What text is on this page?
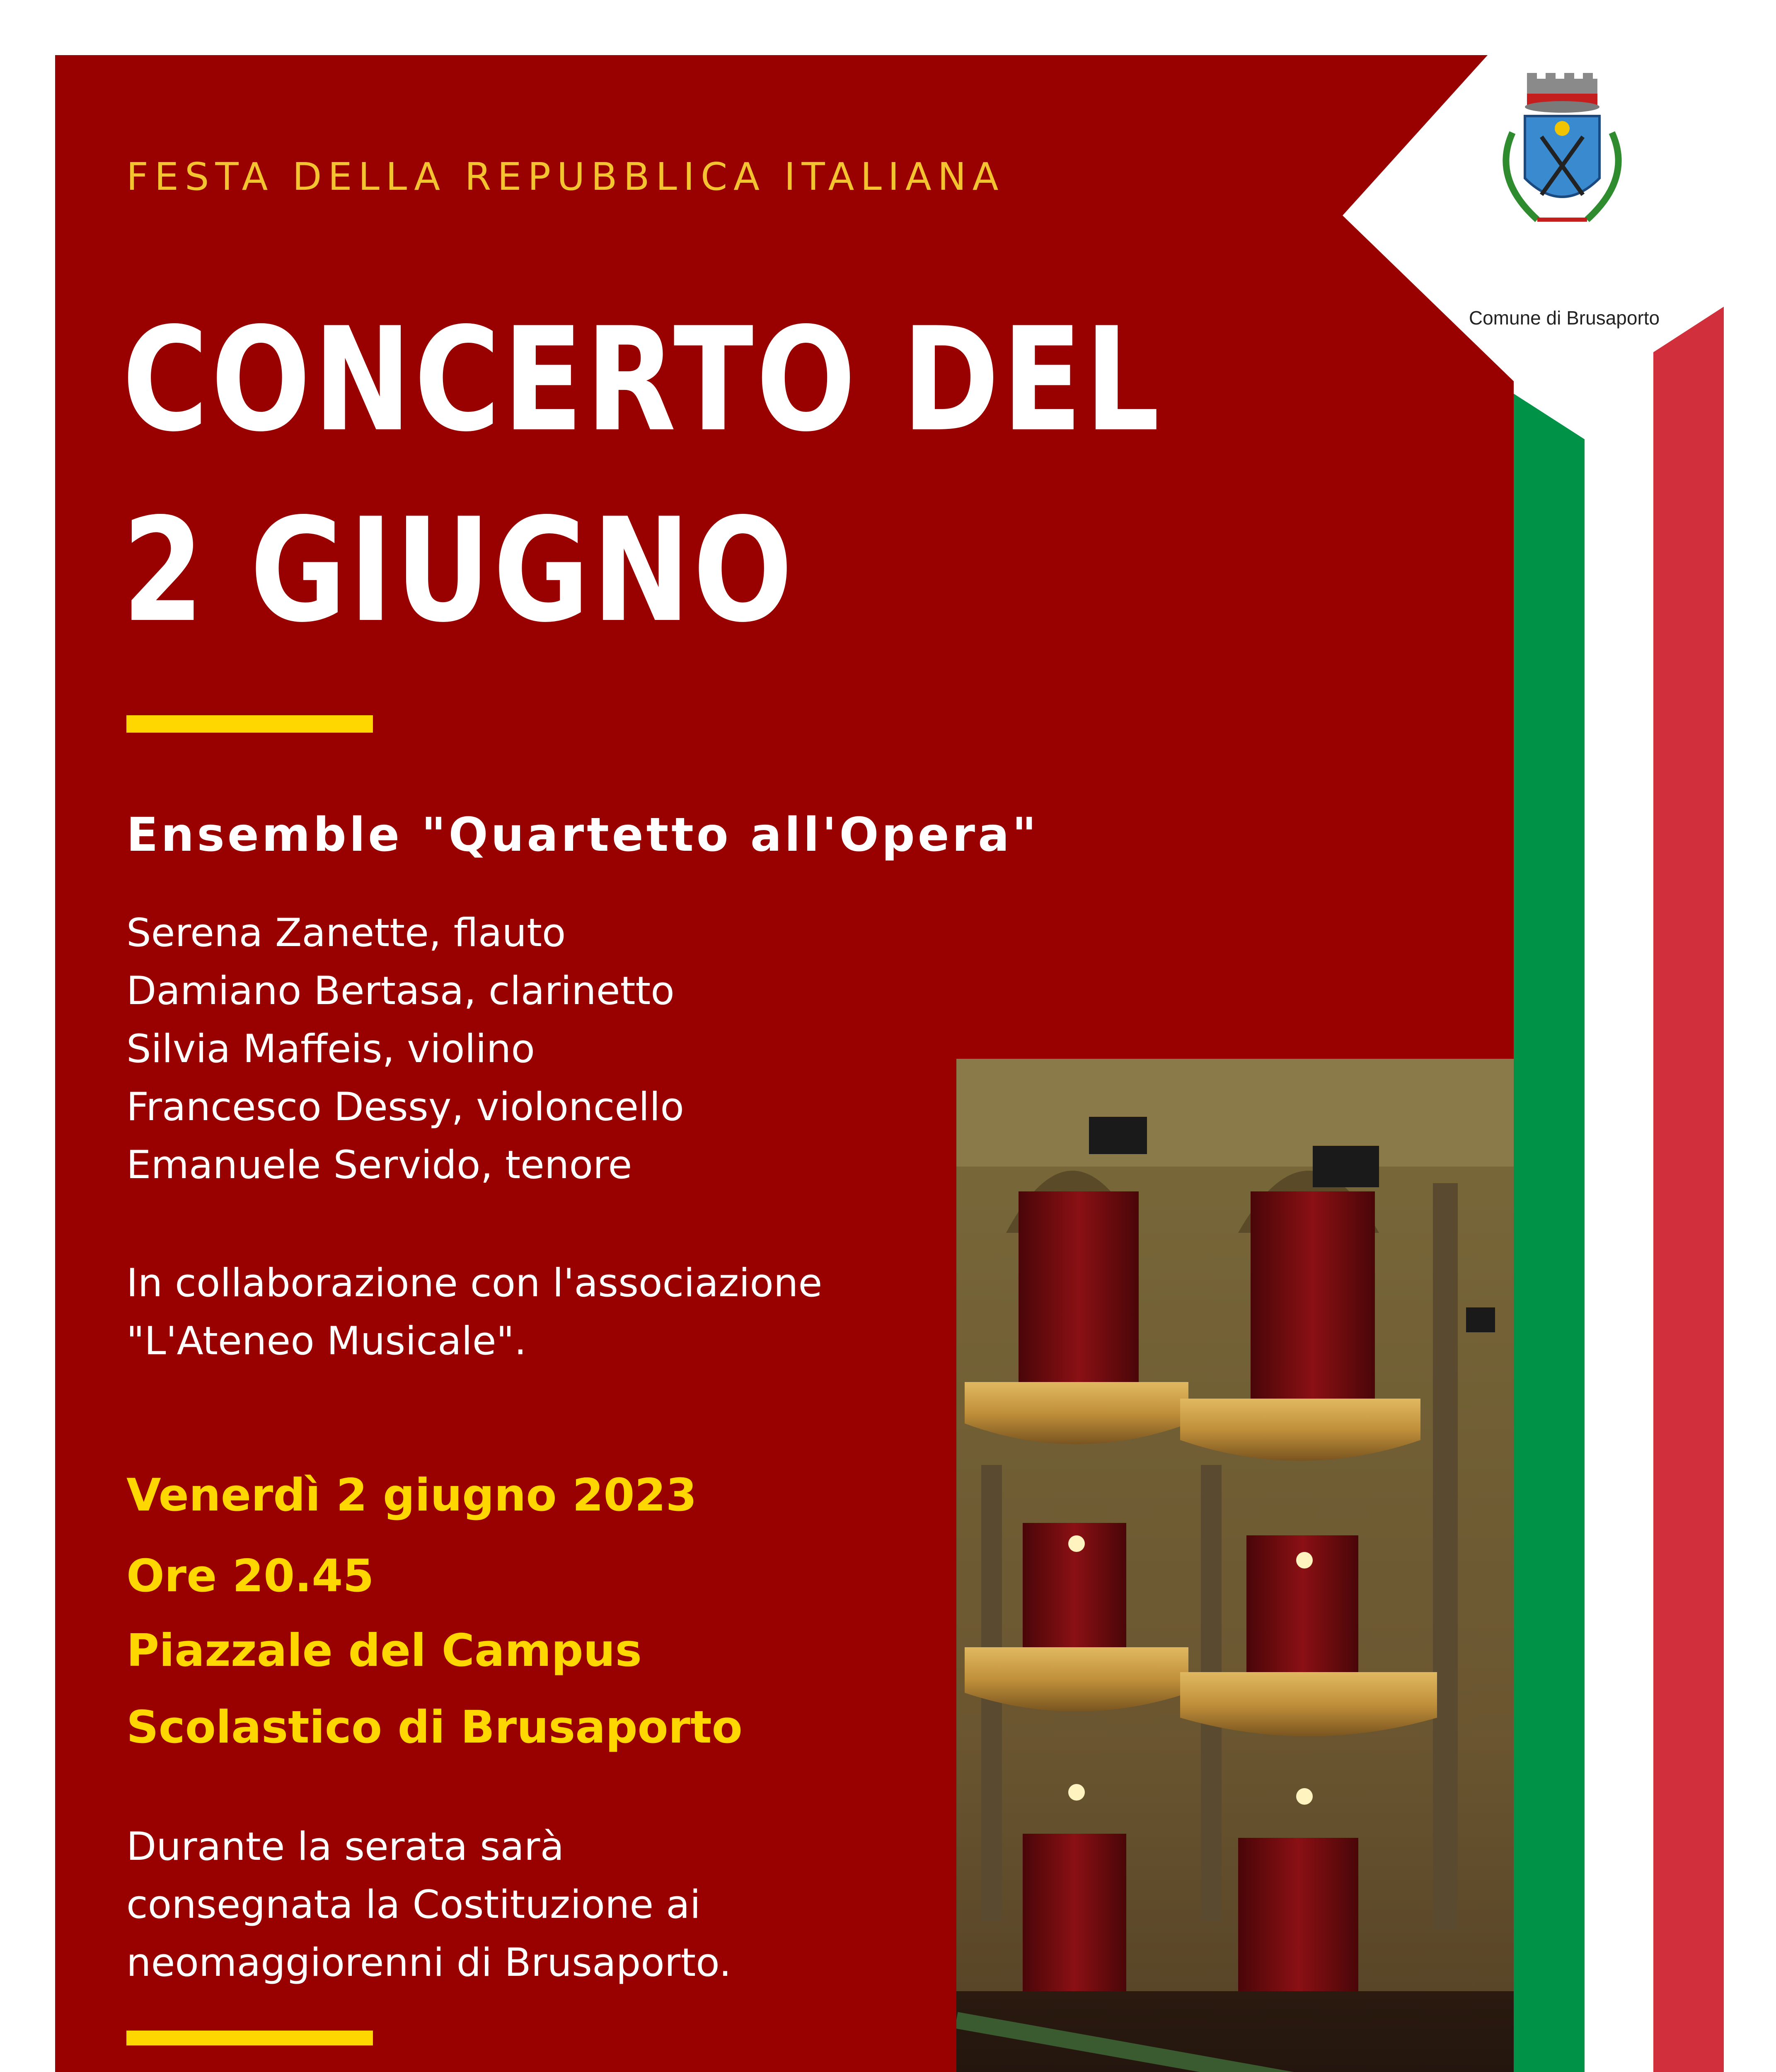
FESTA DELLA REPUBBLICA ITALIANA
CONCERTO DEL
2 GIUGNO
Ensemble "Quartetto all'Opera"
Serena Zanette, flauto
Damiano Bertasa, clarinetto
Silvia Maffeis, violino
Francesco Dessy, violoncello
Emanuele Servido, tenore
In collaborazione con l'associazione
"L'Ateneo Musicale".
Venerdì 2 giugno 2023
Ore 20.45
Piazzale del Campus
Scolastico di Brusaporto
Durante la serata sarà
consegnata la Costituzione ai
neomaggiorenni di Brusaporto.
Comune di Brusaporto
